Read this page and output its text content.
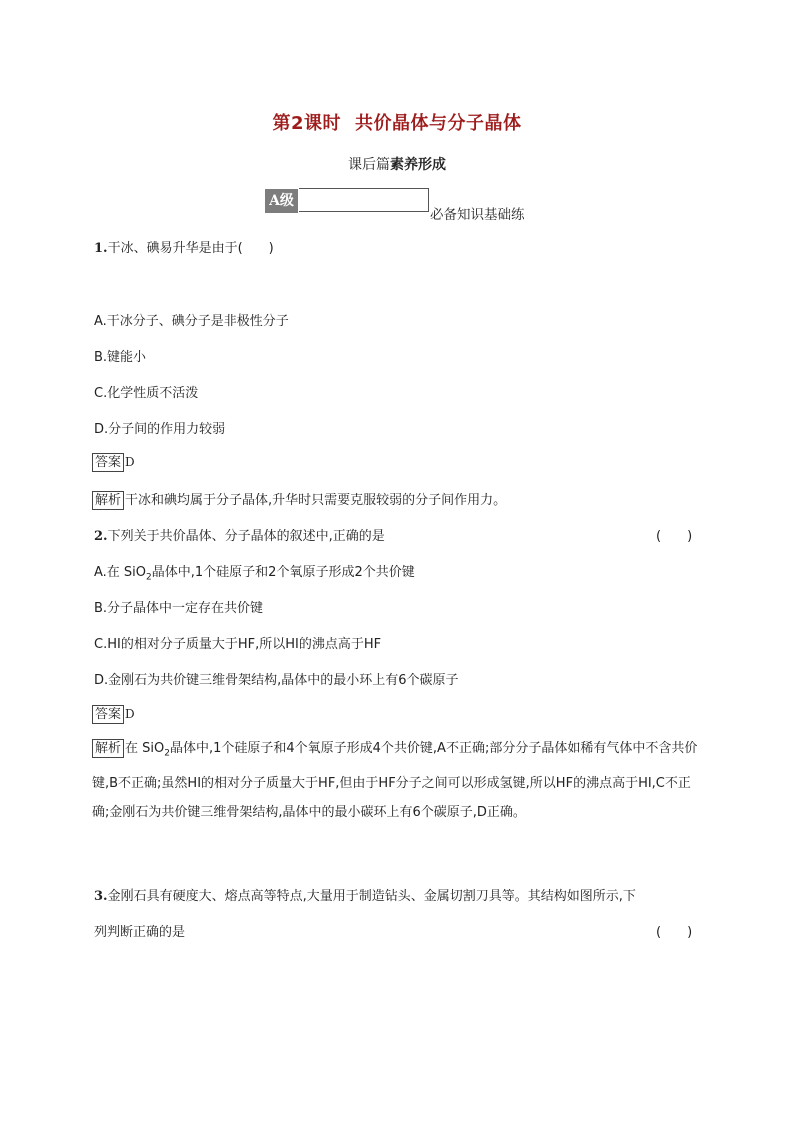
第2课时 共价晶体与分子晶体
课后篇素养形成
A级
必备知识基础练
1.干冰、碘易升华是由于(　　)
A.干冰分子、碘分子是非极性分子
B.键能小
C.化学性质不活泼
D.分子间的作用力较弱
答案 D
解析 干冰和碘均属于分子晶体,升华时只需要克服较弱的分子间作用力。
2.下列关于共价晶体、分子晶体的叙述中,正确的是	(　　)
A.在 SiO$_2$晶体中,1个硅原子和2个氧原子形成2个共价键
B.分子晶体中一定存在共价键
C.HI的相对分子质量大于HF,所以HI的沸点高于HF
D.金刚石为共价键三维骨架结构,晶体中的最小环上有6个碳原子
答案 D
解析 在 SiO$_2$晶体中,1个硅原子和4个氧原子形成4个共价键,A不正确;部分分子晶体如稀有气体中不含共价键,B不正确;虽然HI的相对分子质量大于HF,但由于HF分子之间可以形成氢键,所以HF的沸点高于HI,C不正确;金刚石为共价键三维骨架结构,晶体中的最小碳环上有6个碳原子,D正确。
3.金刚石具有硬度大、熔点高等特点,大量用于制造钻头、金属切割刀具等。其结构如图所示,下
列判断正确的是	(　　)
